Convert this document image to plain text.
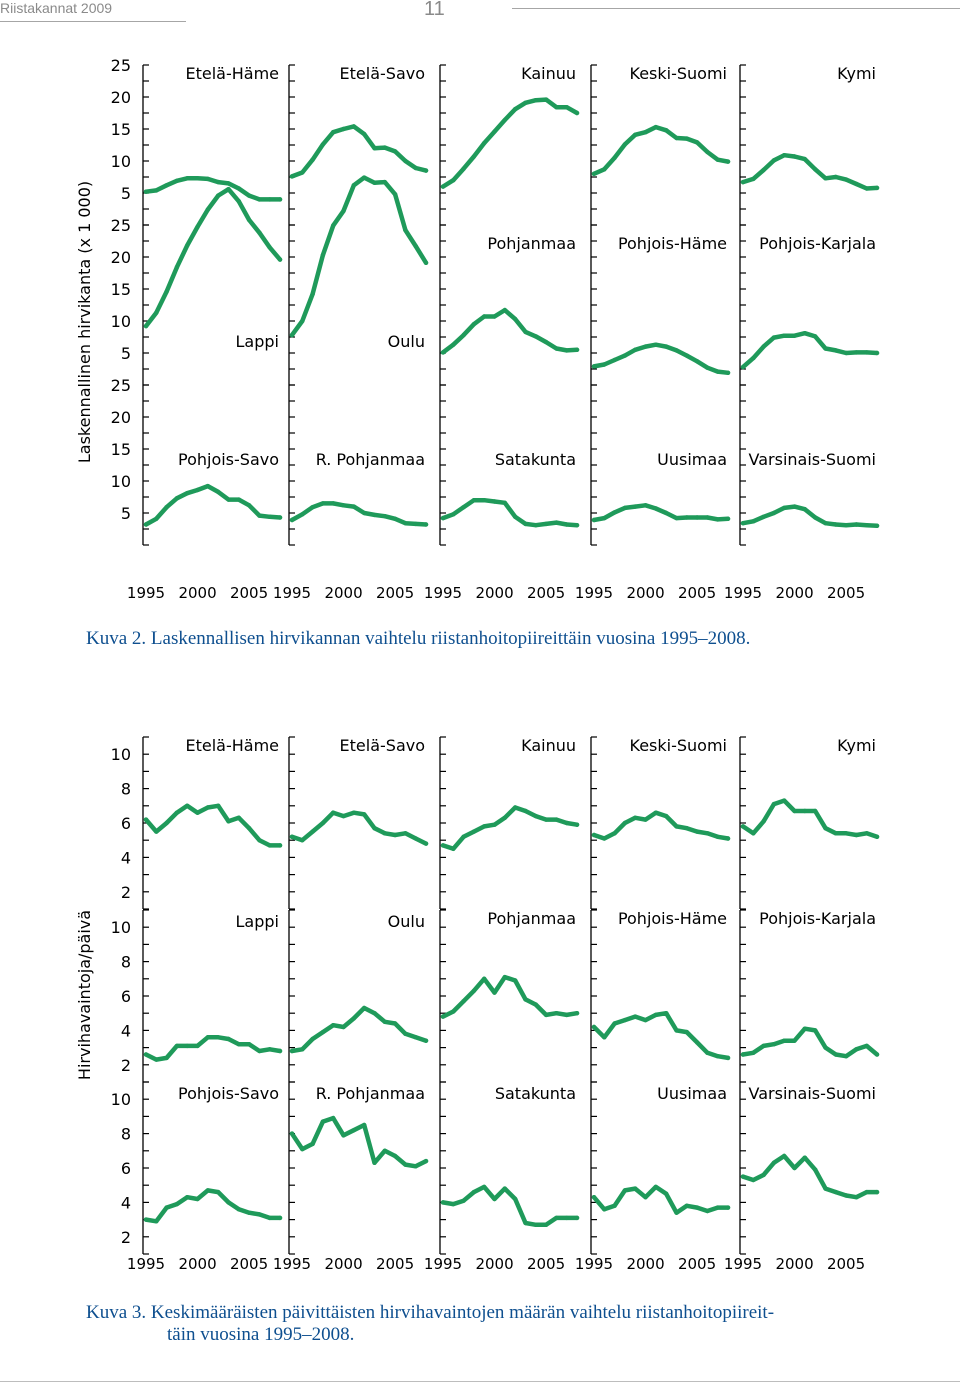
Riistakannat 2009	11
Laskennallinen hirvikanta (x 1 000) 5
10
15
20
25	Etelä-Häme	Etelä-Savo	Kainuu	Keski-Suomi	Kymi
5
10
15
20
25
Lappi	Oulu
Pohjanmaa	Pohjois-Häme Pohjois-Karjala
5
10
15
20
25
Pohjois-Savo
1995 2000 2005
R. Pohjanmaa
1995 2000 2005
Satakunta
1995 2000 2005
Uusimaa
1995 2000 2005
Varsinais-Suomi
1995 2000 2005
Kuva 2. Laskennallisen hirvikannan vaihtelu riistanhoitopiireittäin vuosina 1995–2008.
Hirvihavaintoja/päivä
2
4
6
8
10	Etelä-Häme	Etelä-Savo	Kainuu	Keski-Suomi	Kymi
2
4
6
8
10	Lappi	Oulu	Pohjanmaa	Pohjois-Häme Pohjois-Karjala
2
4
6
8
10	Pohjois-Savo
1995 2000 2005
R. Pohjanmaa
1995 2000 2005
Satakunta
1995 2000 2005
Uusimaa
1995 2000 2005
Varsinais-Suomi
1995 2000 2005
Kuva 3. Keskimääräisten päivittäisten hirvihavaintojen määrän vaihtelu riistanhoitopiireit-
täin vuosina 1995–2008.
